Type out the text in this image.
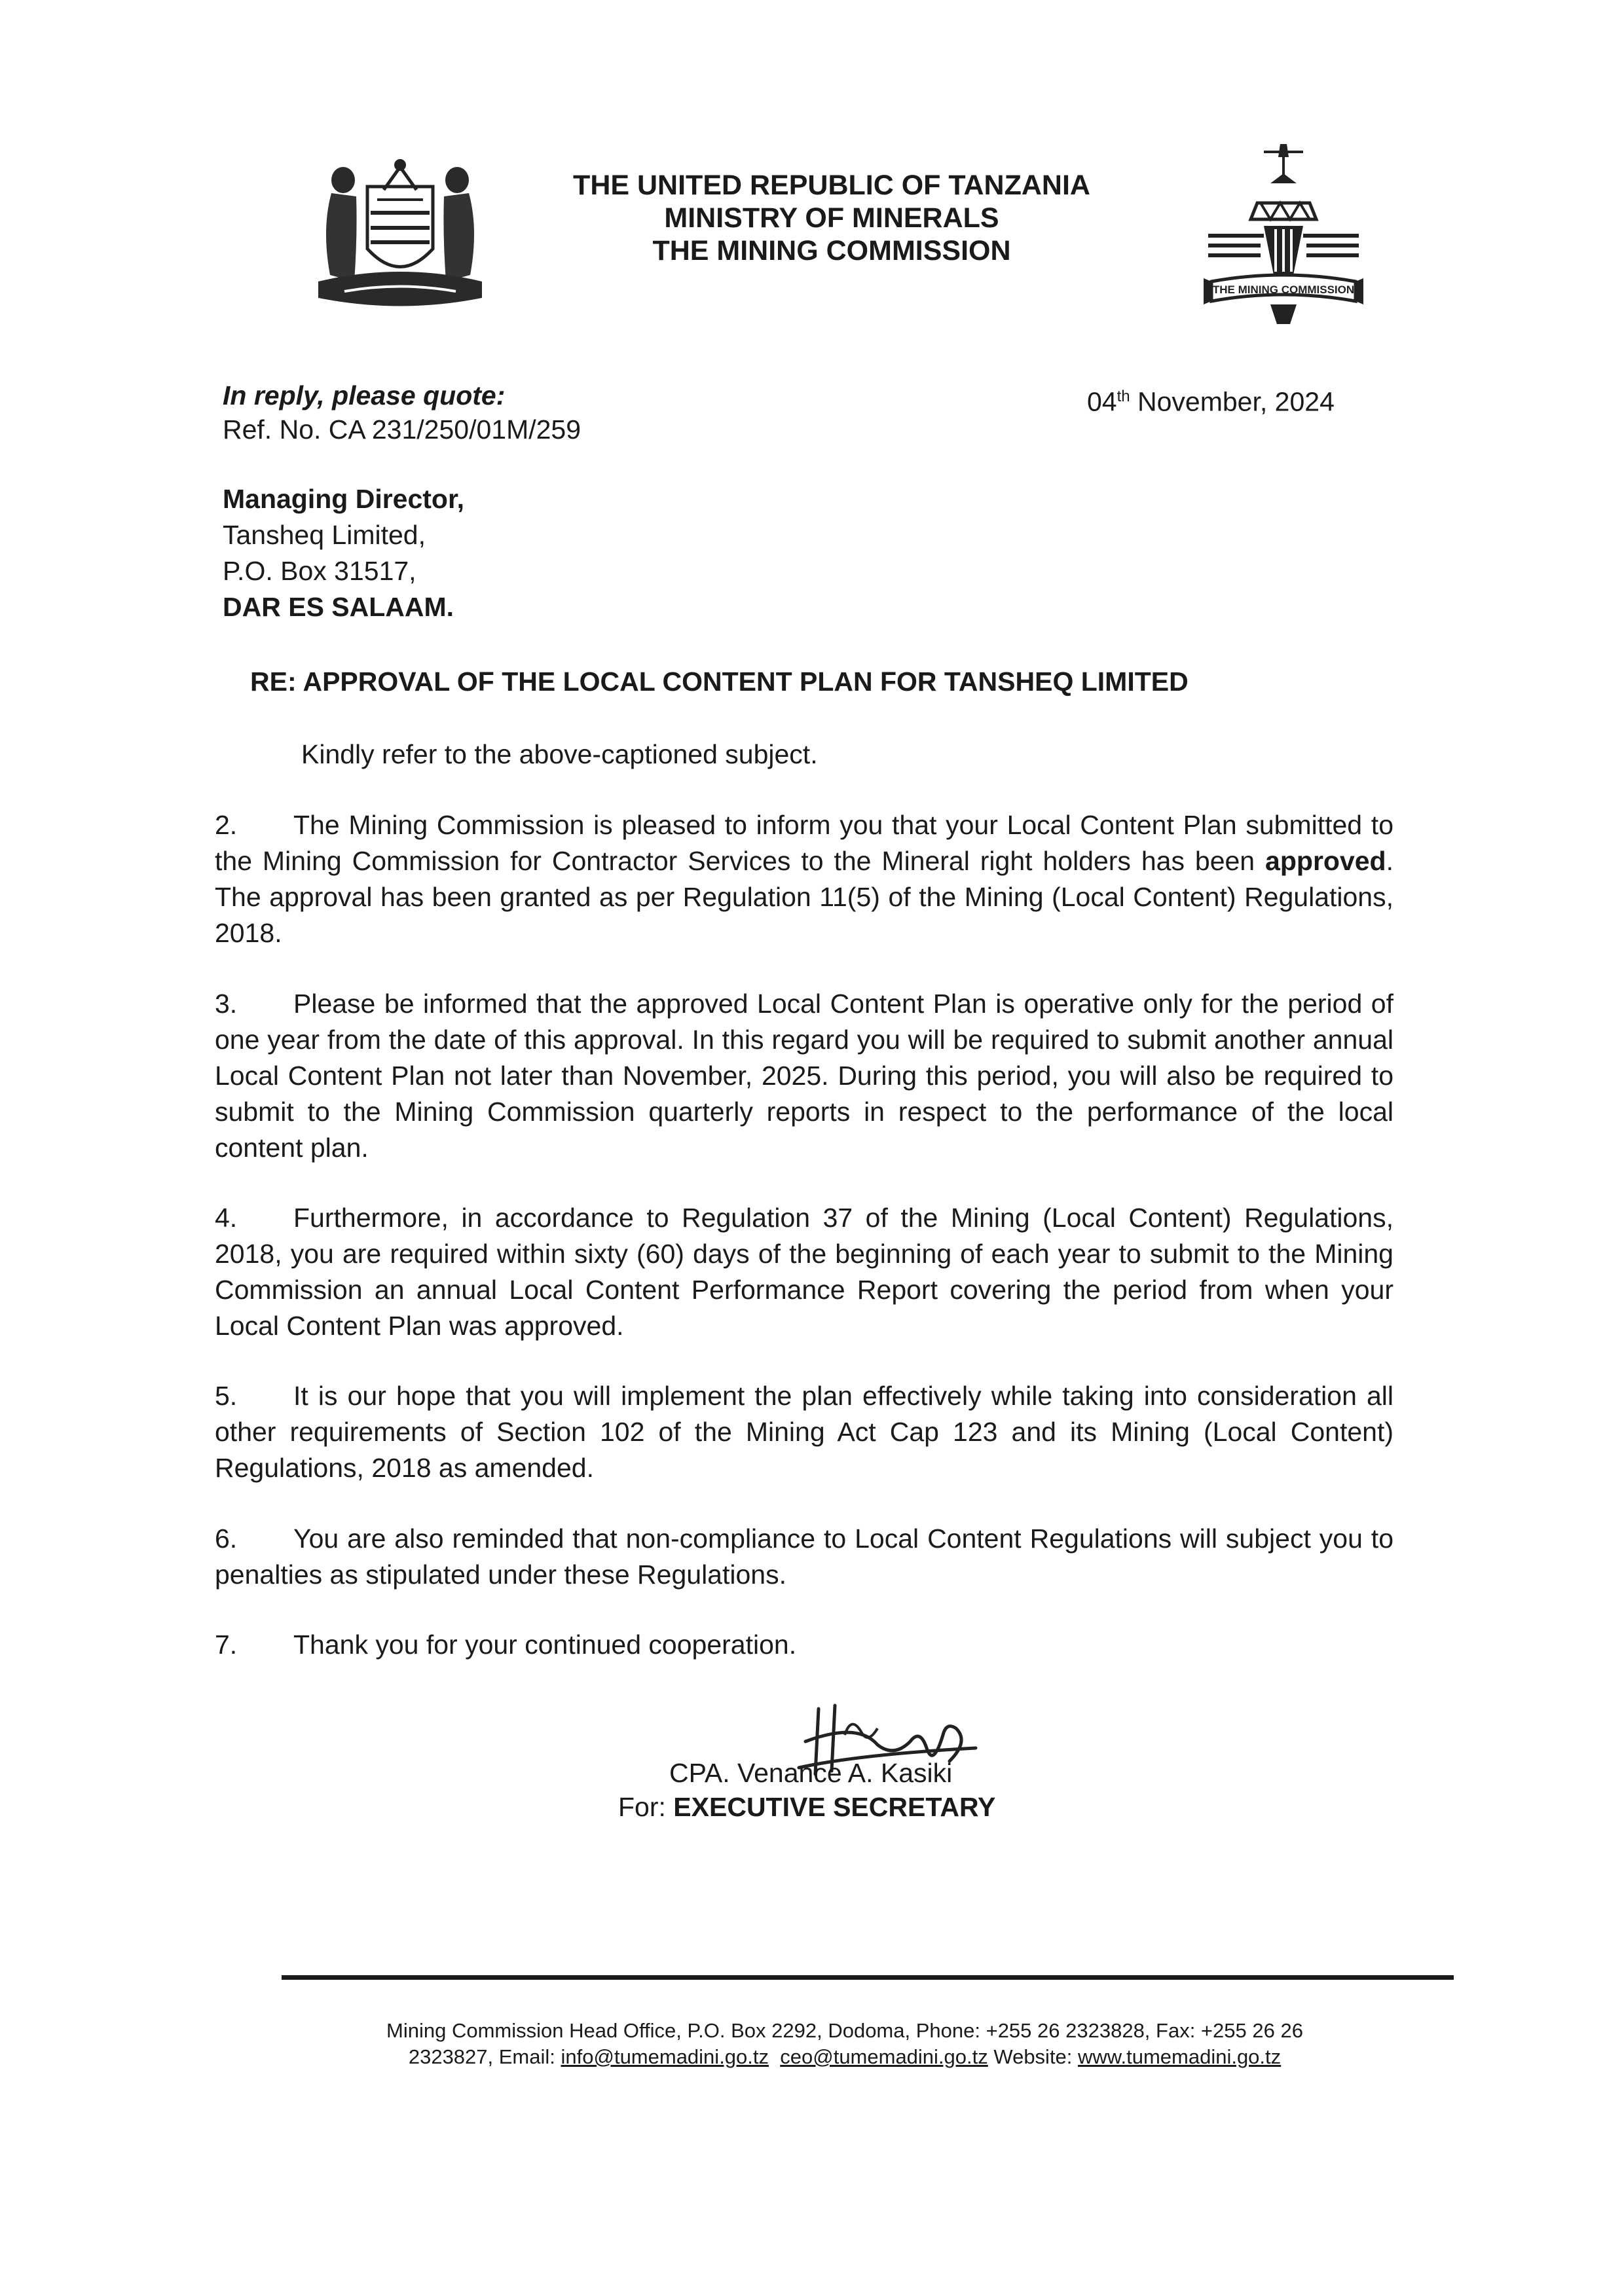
THE UNITED REPUBLIC OF TANZANIA
MINISTRY OF MINERALS
THE MINING COMMISSION
THE MINING COMMISSION
In reply, please quote:
Ref. No. CA 231/250/01M/259
04th November, 2024
Managing Director,
Tansheq Limited,
P.O. Box 31517,
DAR ES SALAAM.
RE: APPROVAL OF THE LOCAL CONTENT PLAN FOR TANSHEQ LIMITED
Kindly refer to the above-captioned subject.
2. The Mining Commission is pleased to inform you that your Local Content Plan submitted to the Mining Commission for Contractor Services to the Mineral right holders has been approved. The approval has been granted as per Regulation 11(5) of the Mining (Local Content) Regulations, 2018.
3. Please be informed that the approved Local Content Plan is operative only for the period of one year from the date of this approval. In this regard you will be required to submit another annual Local Content Plan not later than November, 2025. During this period, you will also be required to submit to the Mining Commission quarterly reports in respect to the performance of the local content plan.
4. Furthermore, in accordance to Regulation 37 of the Mining (Local Content) Regulations, 2018, you are required within sixty (60) days of the beginning of each year to submit to the Mining Commission an annual Local Content Performance Report covering the period from when your Local Content Plan was approved.
5. It is our hope that you will implement the plan effectively while taking into consideration all other requirements of Section 102 of the Mining Act Cap 123 and its Mining (Local Content) Regulations, 2018 as amended.
6. You are also reminded that non-compliance to Local Content Regulations will subject you to penalties as stipulated under these Regulations.
7. Thank you for your continued cooperation.
CPA. Venance A. Kasiki
For: EXECUTIVE SECRETARY
Mining Commission Head Office, P.O. Box 2292, Dodoma, Phone: +255 26 2323828, Fax: +255 26 26
2323827, Email: info@tumemadini.go.tz ceo@tumemadini.go.tz Website: www.tumemadini.go.tz
